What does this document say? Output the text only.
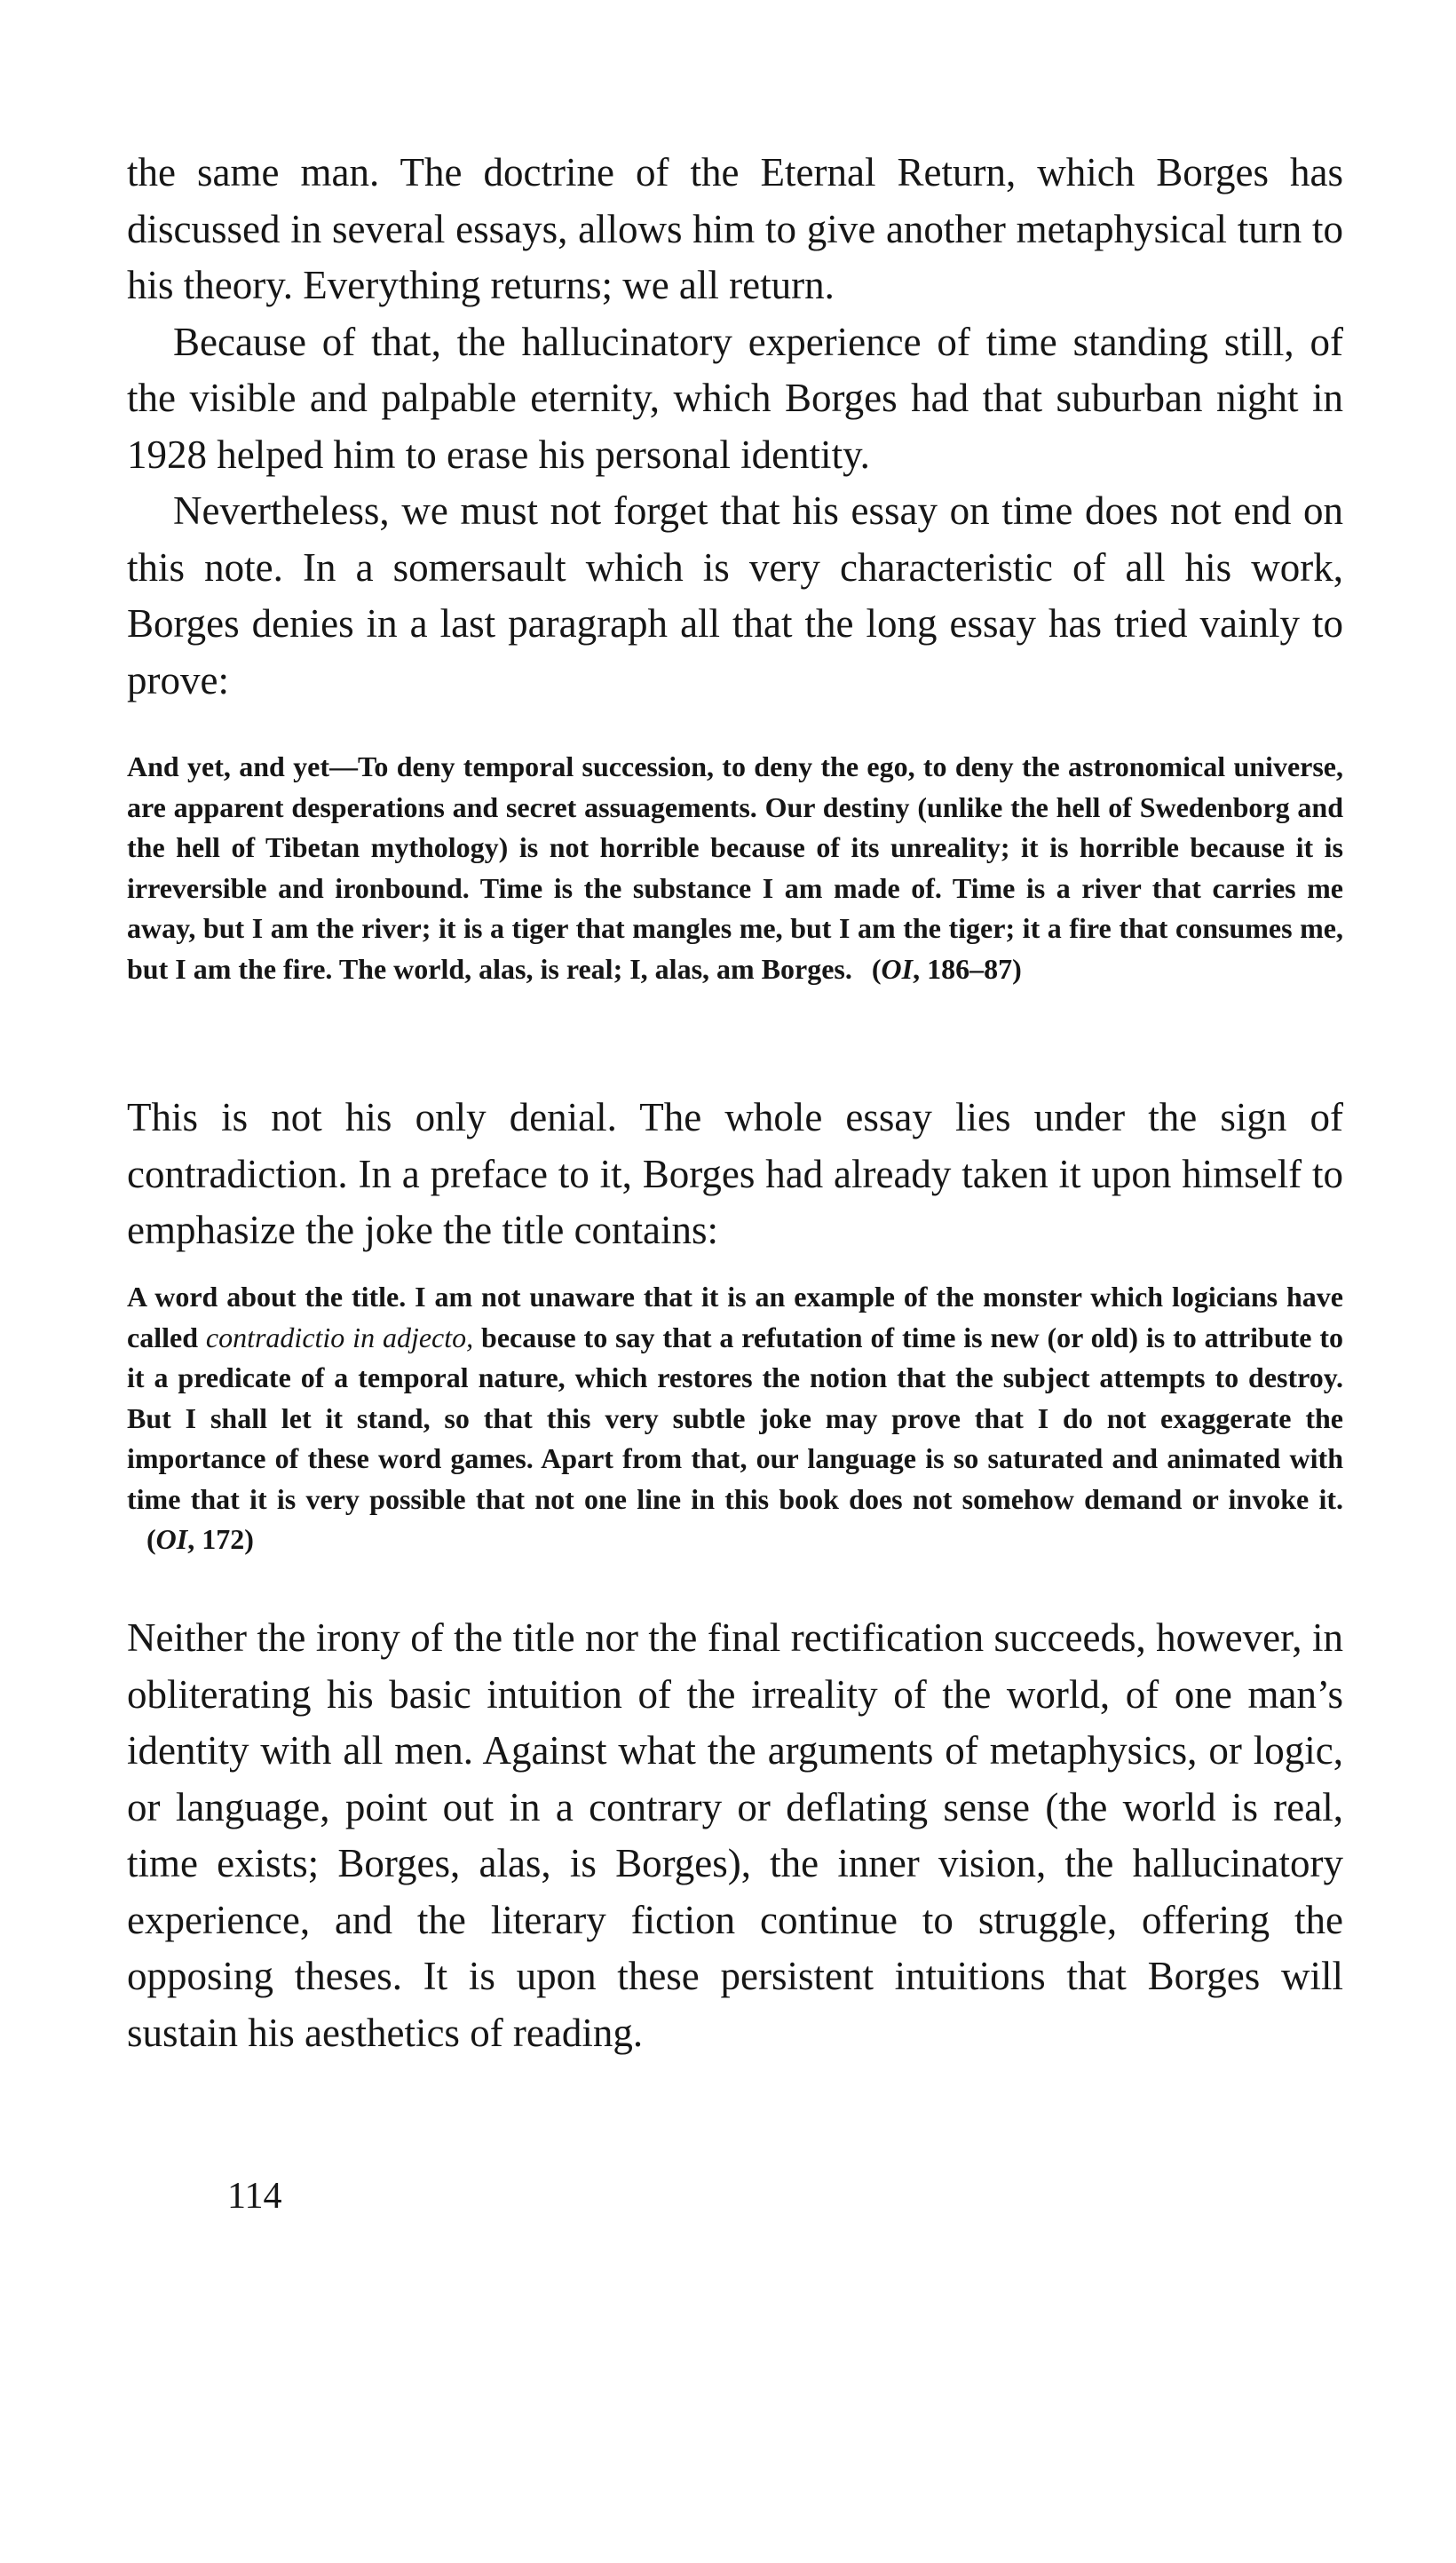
the same man. The doctrine of the Eternal Return, which Borges has discussed in several essays, allows him to give another metaphysical turn to his theory. Everything returns; we all return.

Because of that, the hallucinatory experience of time standing still, of the visible and palpable eternity, which Borges had that suburban night in 1928 helped him to erase his personal identity.

Nevertheless, we must not forget that his essay on time does not end on this note. In a somersault which is very characteristic of all his work, Borges denies in a last paragraph all that the long essay has tried vainly to prove:

And yet, and yet—To deny temporal succession, to deny the ego, to deny the astronomical universe, are apparent desperations and secret assuagements. Our destiny (unlike the hell of Swedenborg and the hell of Tibetan mythology) is not horrible because of its unreality; it is horrible because it is irreversible and ironbound. Time is the substance I am made of. Time is a river that carries me away, but I am the river; it is a tiger that mangles me, but I am the tiger; it a fire that consumes me, but I am the fire. The world, alas, is real; I, alas, am Borges. (OI, 186–87)

This is not his only denial. The whole essay lies under the sign of contradiction. In a preface to it, Borges had already taken it upon himself to emphasize the joke the title contains:

A word about the title. I am not unaware that it is an example of the monster which logicians have called contradictio in adjecto, because to say that a refutation of time is new (or old) is to attribute to it a predicate of a temporal nature, which restores the notion that the subject attempts to destroy. But I shall let it stand, so that this very subtle joke may prove that I do not exaggerate the importance of these word games. Apart from that, our language is so saturated and animated with time that it is very possible that not one line in this book does not somehow demand or invoke it.(OI, 172)

Neither the irony of the title nor the final rectification succeeds, however, in obliterating his basic intuition of the irreality of the world, of one man’s identity with all men. Against what the arguments of metaphysics, or logic, or language, point out in a contrary or deflating sense (the world is real, time exists; Borges, alas, is Borges), the inner vision, the hallucinatory experience, and the literary fiction continue to struggle, offering the opposing theses. It is upon these persistent intuitions that Borges will sustain his aesthetics of reading.

114
